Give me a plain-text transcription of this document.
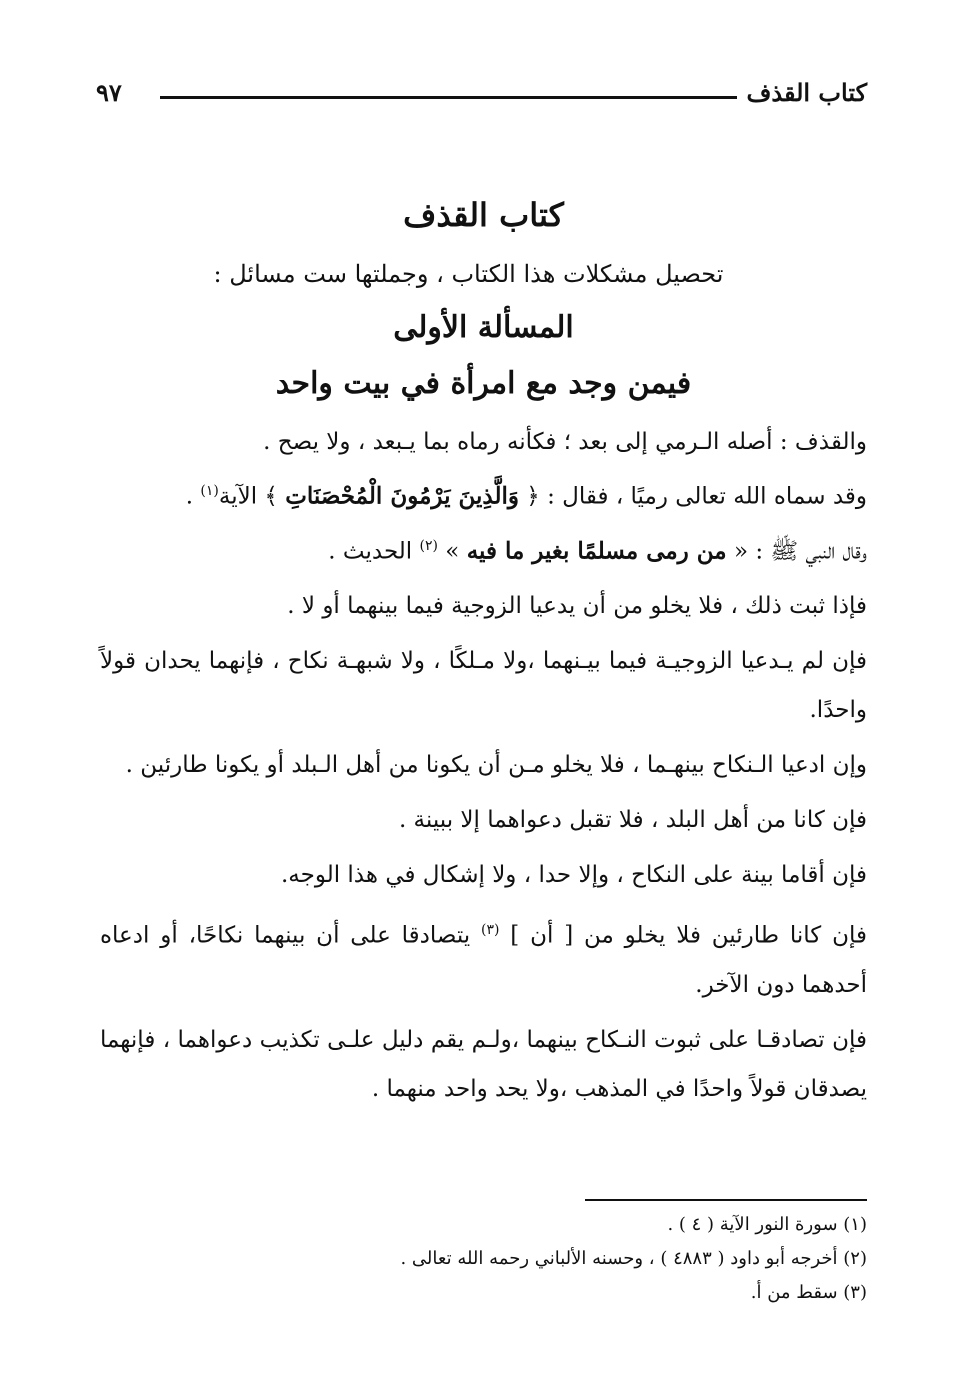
كتاب القذف
٩٧
كتاب القذف

تحصيل مشكلات هذا الكتاب ، وجملتها ست مسائل :

المسألة الأولى
فيمن وجد مع امرأة في بيت واحد

والقذف : أصله الـرمي إلى بعد ؛ فكأنه رماه بما يـبعد ، ولا يصح .
وقد سماه الله تعالى رميًا ، فقال : ﴿ وَالَّذِينَ يَرْمُونَ الْمُحْصَنَاتِ ﴾ الآية$^{(١)}$ .
وقال النبي ﷺ : « من رمى مسلمًا بغير ما فيه » $^{(٢)}$ الحديث .

فإذا ثبت ذلك ، فلا يخلو من أن يدعيا الزوجية فيما بينهما أو لا .

فإن لم يـدعيا الزوجيـة فيما بيـنهما ،ولا مـلكًا ، ولا شبهـة نكاح ، فإنهما يحدان قولاً واحدًا.

وإن ادعيا الـنكاح بينهـما ، فلا يخلو مـن أن يكونا من أهل الـبلد أو يكونا طارئين .

فإن كانا من أهل البلد ، فلا تقبل دعواهما إلا ببينة .

فإن أقاما بينة على النكاح ، وإلا حدا ، ولا إشكال في هذا الوجه.

فإن كانا طارئين فلا يخلو من [ أن ] $^{(٣)}$ يتصادقا على أن بينهما نكاحًا، أو ادعاه أحدهما دون الآخر.

فإن تصادقـا على ثبوت النـكاح بينهما ،ولـم يقم دليل علـى تكذيب دعواهما ، فإنهما يصدقان قولاً واحدًا في المذهب ،ولا يحد واحد منهما .

(١) سورة النور الآية ( ٤ ) .

(٢) أخرجه أبو داود ( ٤٨٨٣ ) ، وحسنه الألباني رحمه الله تعالى .

(٣) سقط من أ.
